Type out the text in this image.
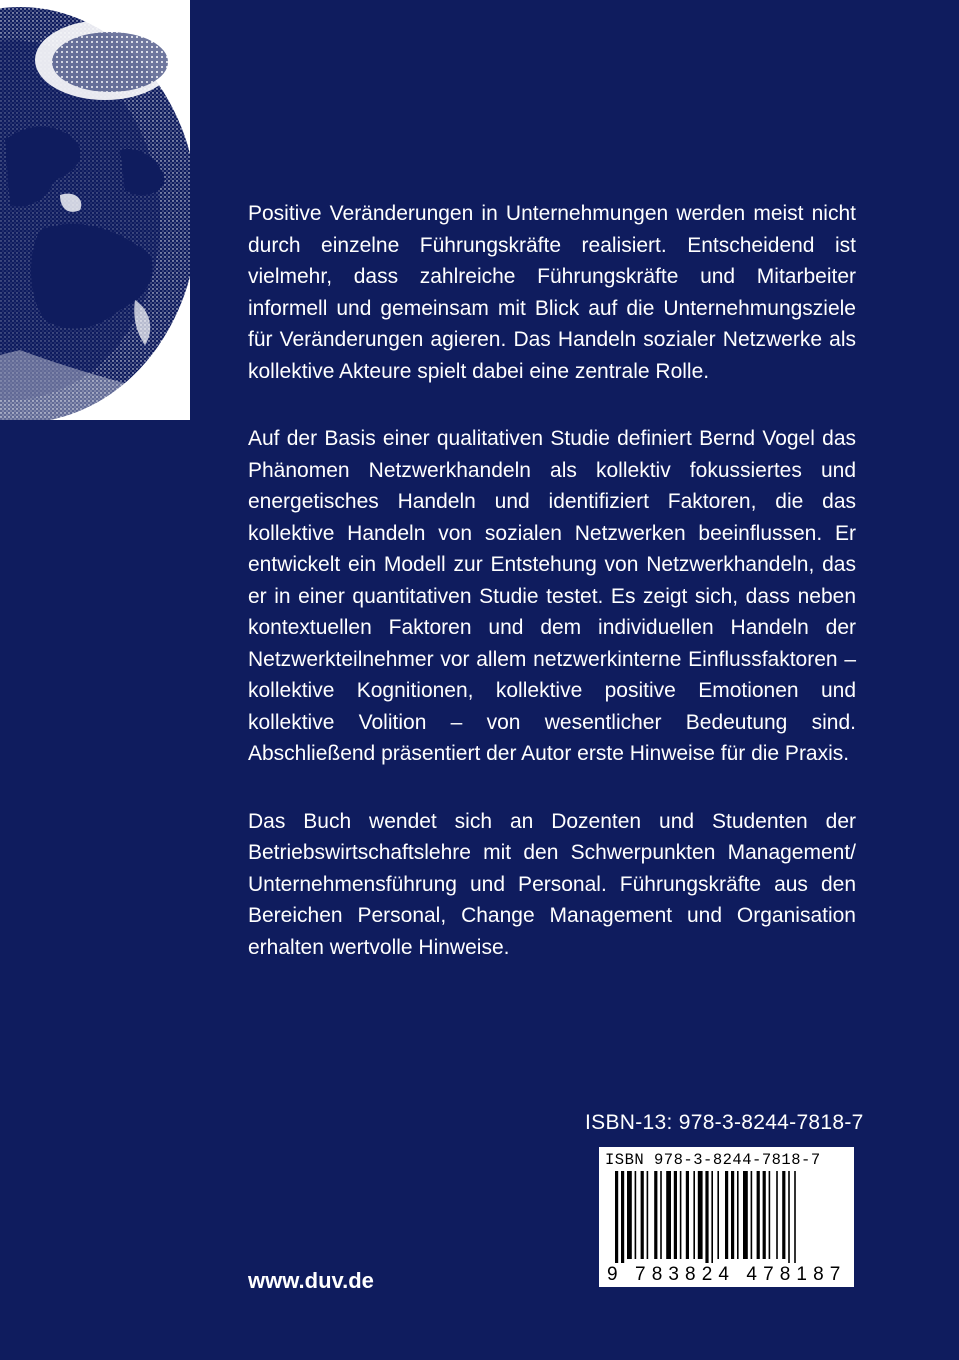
Positive Veränderungen in Unternehmungen werden meist nicht durch einzelne Führungskräfte realisiert. Entscheidend ist vielmehr, dass zahlreiche Führungskräfte und Mitarbeiter informell und gemeinsam mit Blick auf die Unternehmungsziele für Veränderungen agieren. Das Handeln sozialer Netzwerke als kollektive Akteure spielt dabei eine zentrale Rolle.

Auf der Basis einer qualitativen Studie definiert Bernd Vogel das Phänomen Netzwerkhandeln als kollektiv fokussiertes und energetisches Handeln und identifiziert Faktoren, die das kollektive Handeln von sozialen Netzwerken beeinflussen. Er entwickelt ein Modell zur Entstehung von Netzwerkhandeln, das er in einer quantitativen Studie testet. Es zeigt sich, dass neben kontextuellen Faktoren und dem individuellen Handeln der Netzwerkteilnehmer vor allem netzwerkinterne Einflussfaktoren – kollektive Kognitionen, kollektive positive Emotionen und kollektive Volition – von wesentlicher Bedeutung sind. Abschließend präsentiert der Autor erste Hinweise für die Praxis.

Das Buch wendet sich an Dozenten und Studenten der Betriebswirtschaftslehre mit den Schwerpunkten Management/ Unternehmensführung und Personal. Führungskräfte aus den Bereichen Personal, Change Management und Organisation erhalten wertvolle Hinweise.

ISBN-13: 978-3-8244-7818-7
ISBN 978-3-8244-7818-7
9 783824 478187
www.duv.de
